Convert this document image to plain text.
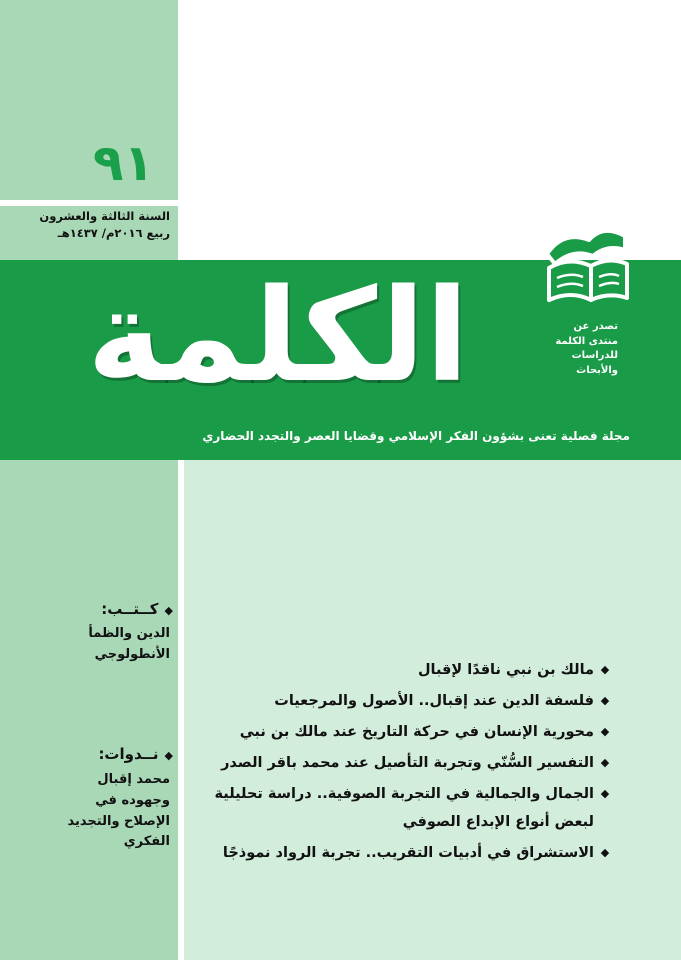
٩١
السنة الثالثة والعشرون
ربيع ٢٠١٦م/ ١٤٣٧هـ
الكلمة	تصدر عن
منتدى الكلمة
للدراسات
والأبحاث
مجلة فصلية تعنى بشؤون الفكر الإسلامي وقضايا العصر والتجدد الحضاري
◆كــتــب:
الدين والظمأ
الأنطولوجي
◆نــدوات:
محمد إقبال
وجهوده في
الإصلاح والتجديد
الفكري
◆
مالك بن نبي ناقدًا لإقبال
◆
فلسفة الدين عند إقبال.. الأصول والمرجعيات
◆
محورية الإنسان في حركة التاريخ عند مالك بن نبي
◆
التفسير السُّنّي وتجربة التأصيل عند محمد باقر الصدر
◆
الجمال والجمالية في التجربة الصوفية.. دراسة تحليلية لبعض أنواع الإبداع الصوفي
◆
الاستشراق في أدبيات التقريب.. تجربة الرواد نموذجًا
